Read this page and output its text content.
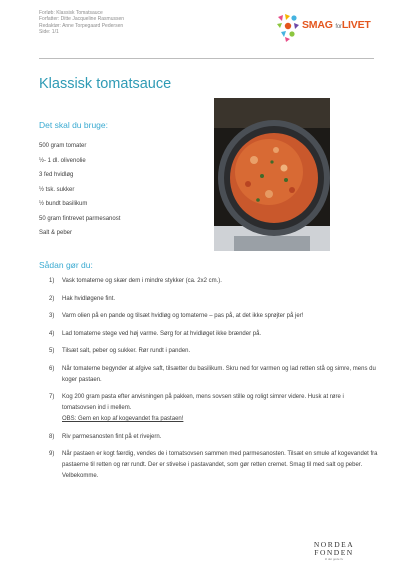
Forløb: Klassisk Tomatsauce
Forfatter: Ditte Jacqueline Rasmussen
Redaktør: Anne Torpegaard Pedersen
Side: 1/1
SMAG forLIVET
Klassisk tomatsauce
Det skal du bruge:
500 gram tomater
½- 1 dl. olivenolie
3 fed hvidløg
½ tsk. sukker
½ bundt basilikum
50 gram fintrevet parmesanost
Salt & peber
Sådan gør du:
1) Vask tomaterne og skær dem i mindre stykker (ca. 2x2 cm.).
2) Hak hvidløgene fint.
3) Varm olien på en pande og tilsæt hvidløg og tomaterne – pas på, at det ikke sprøjter på jer!
4) Lad tomaterne stege ved høj varme. Sørg for at hvidløget ikke brænder på.
5) Tilsæt salt, peber og sukker. Rør rundt i panden.
6) Når tomaterne begynder at afgive saft, tilsætter du basilikum. Skru ned for varmen og lad retten stå og simre, mens du koger pastaen.
7) Kog 200 gram pasta efter anvisningen på pakken, mens sovsen stille og roligt simrer videre. Husk at røre i tomatsovsen ind i mellem.
OBS: Gem en kop af kogevandet fra pastaen!
8) Riv parmesanosten fint på et rivejern.
9) Når pastaen er kogt færdig, vendes de i tomatsovsen sammen med parmesanosten. Tilsæt en smule af kogevandet fra pastaerne til retten og rør rundt. Der er stivelse i pastavandet, som gør retten cremet. Smag til med salt og peber. Velbekomme.
NORDEA
FONDEN
til det gode liv
